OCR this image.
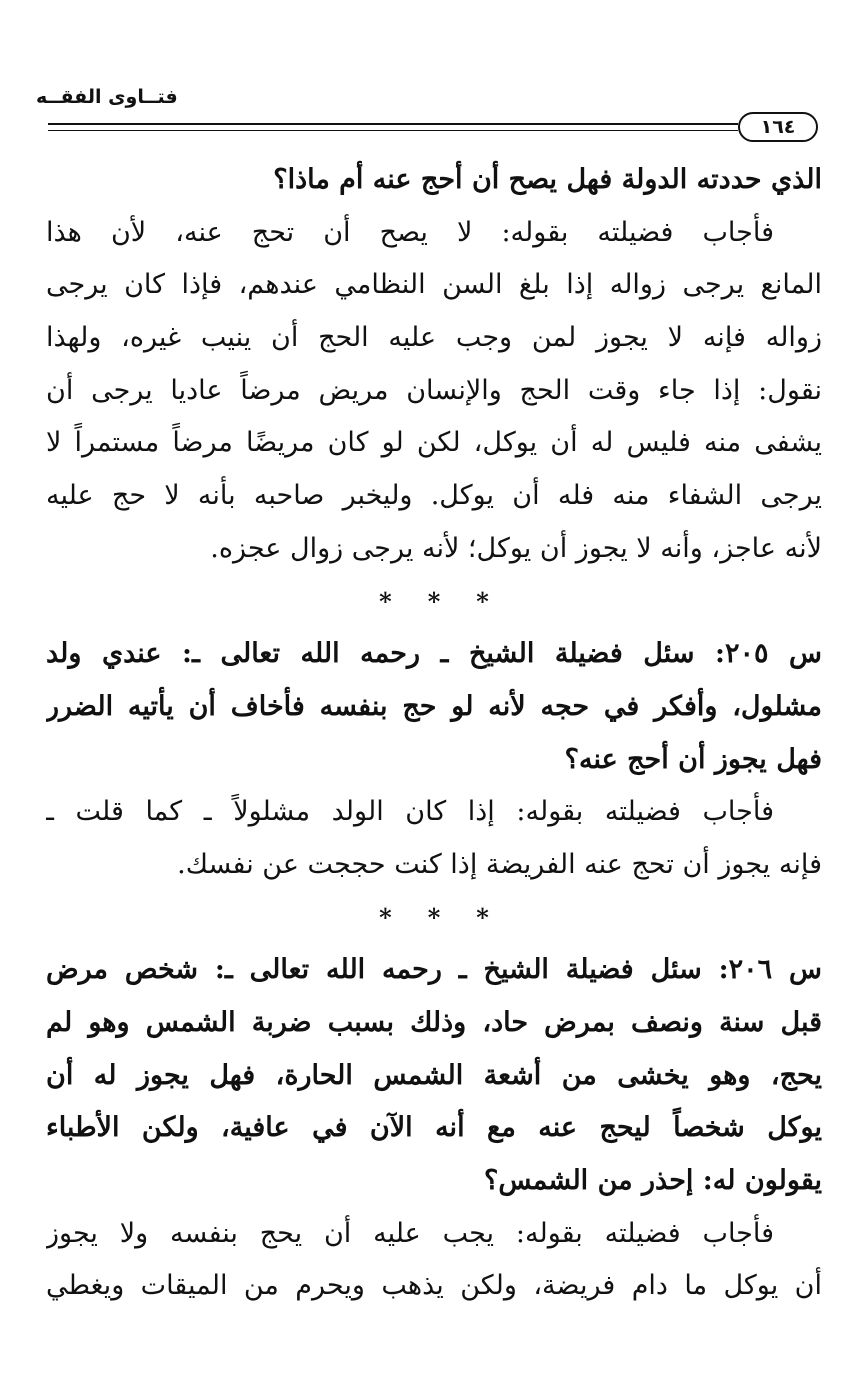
فتــاوى الفقــه
١٦٤
الذي حددته الدولة فهل يصح أن أحج عنه أم ماذا؟
فأجاب فضيلته بقوله: لا يصح أن تحج عنه، لأن هذا
المانع يرجى زواله إذا بلغ السن النظامي عندهم، فإذا كان يرجى
زواله فإنه لا يجوز لمن وجب عليه الحج أن ينيب غيره، ولهذا
نقول: إذا جاء وقت الحج والإنسان مريض مرضاً عاديا يرجى أن
يشفى منه فليس له أن يوكل، لكن لو كان مريضًا مرضاً مستمراً لا
يرجى الشفاء منه فله أن يوكل. وليخبر صاحبه بأنه لا حج عليه
لأنه عاجز، وأنه لا يجوز أن يوكل؛ لأنه يرجى زوال عجزه.
* * *
س ٢٠٥: سئل فضيلة الشيخ ـ رحمه الله تعالى ـ: عندي ولد
مشلول، وأفكر في حجه لأنه لو حج بنفسه فأخاف أن يأتيه الضرر
فهل يجوز أن أحج عنه؟
فأجاب فضيلته بقوله: إذا كان الولد مشلولاً ـ كما قلت ـ
فإنه يجوز أن تحج عنه الفريضة إذا كنت حججت عن نفسك.
* * *
س ٢٠٦: سئل فضيلة الشيخ ـ رحمه الله تعالى ـ: شخص مرض
قبل سنة ونصف بمرض حاد، وذلك بسبب ضربة الشمس وهو لم
يحج، وهو يخشى من أشعة الشمس الحارة، فهل يجوز له أن
يوكل شخصاً ليحج عنه مع أنه الآن في عافية، ولكن الأطباء
يقولون له: إحذر من الشمس؟
فأجاب فضيلته بقوله: يجب عليه أن يحج بنفسه ولا يجوز
أن يوكل ما دام فريضة، ولكن يذهب ويحرم من الميقات ويغطي
